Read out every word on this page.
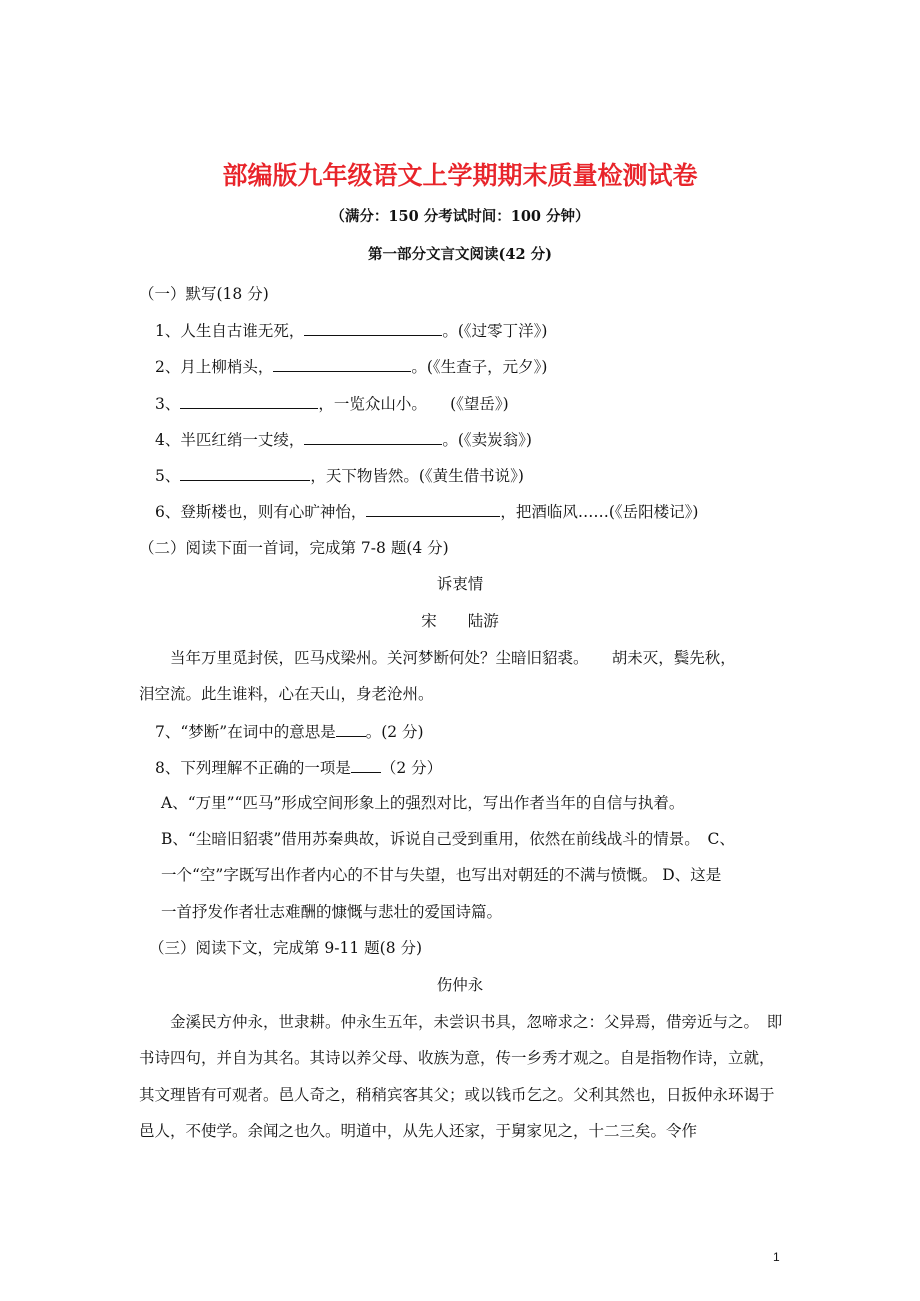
部编版九年级语文上学期期末质量检测试卷
（满分：150 分考试时间：100 分钟）
第一部分文言文阅读(42 分)
（一）默写(18 分)
1、人生自古谁无死，	。(《过零丁洋》)
2、月上柳梢头，	。(《生查子，元夕》)
3、	，一览众山小。　　(《望岳》)
4、半匹红绡一丈绫，	。(《卖炭翁》)
5、	，天下物皆然。(《黄生借书说》)
6、登斯楼也，则有心旷神怡，	，把酒临风……(《岳阳楼记》)
（二）阅读下面一首词，完成第 7-8 题(4 分)
诉衷情
宋　　陆游
当年万里觅封侯，匹马戍梁州。关河梦断何处？尘暗旧貂裘。　　胡未灭，鬓先秋，
泪空流。此生谁料，心在天山，身老沧州。
7、“梦断”在词中的意思是 。(2 分)
8、下列理解不正确的一项是 （2 分）
A、“万里”“匹马”形成空间形象上的强烈对比，写出作者当年的自信与执着。
B、“尘暗旧貂裘”借用苏秦典故，诉说自己受到重用，依然在前线战斗的情景。　C、
一个“空”字既写出作者内心的不甘与失望，也写出对朝廷的不满与愤慨。 D、这是
一首抒发作者壮志难酬的慷慨与悲壮的爱国诗篇。
（三）阅读下文，完成第 9-11 题(8 分)
伤仲永
金溪民方仲永，世隶耕。仲永生五年，未尝识书具，忽啼求之：父异焉，借旁近与之。　即
书诗四句，并自为其名。其诗以养父母、收族为意，传一乡秀才观之。自是指物作诗，立就，
其文理皆有可观者。邑人奇之，稍稍宾客其父；或以钱币乞之。父利其然也，日扳仲永环谒于
邑人，不使学。余闻之也久。明道中，从先人还家，于舅家见之，十二三矣。令作
1
